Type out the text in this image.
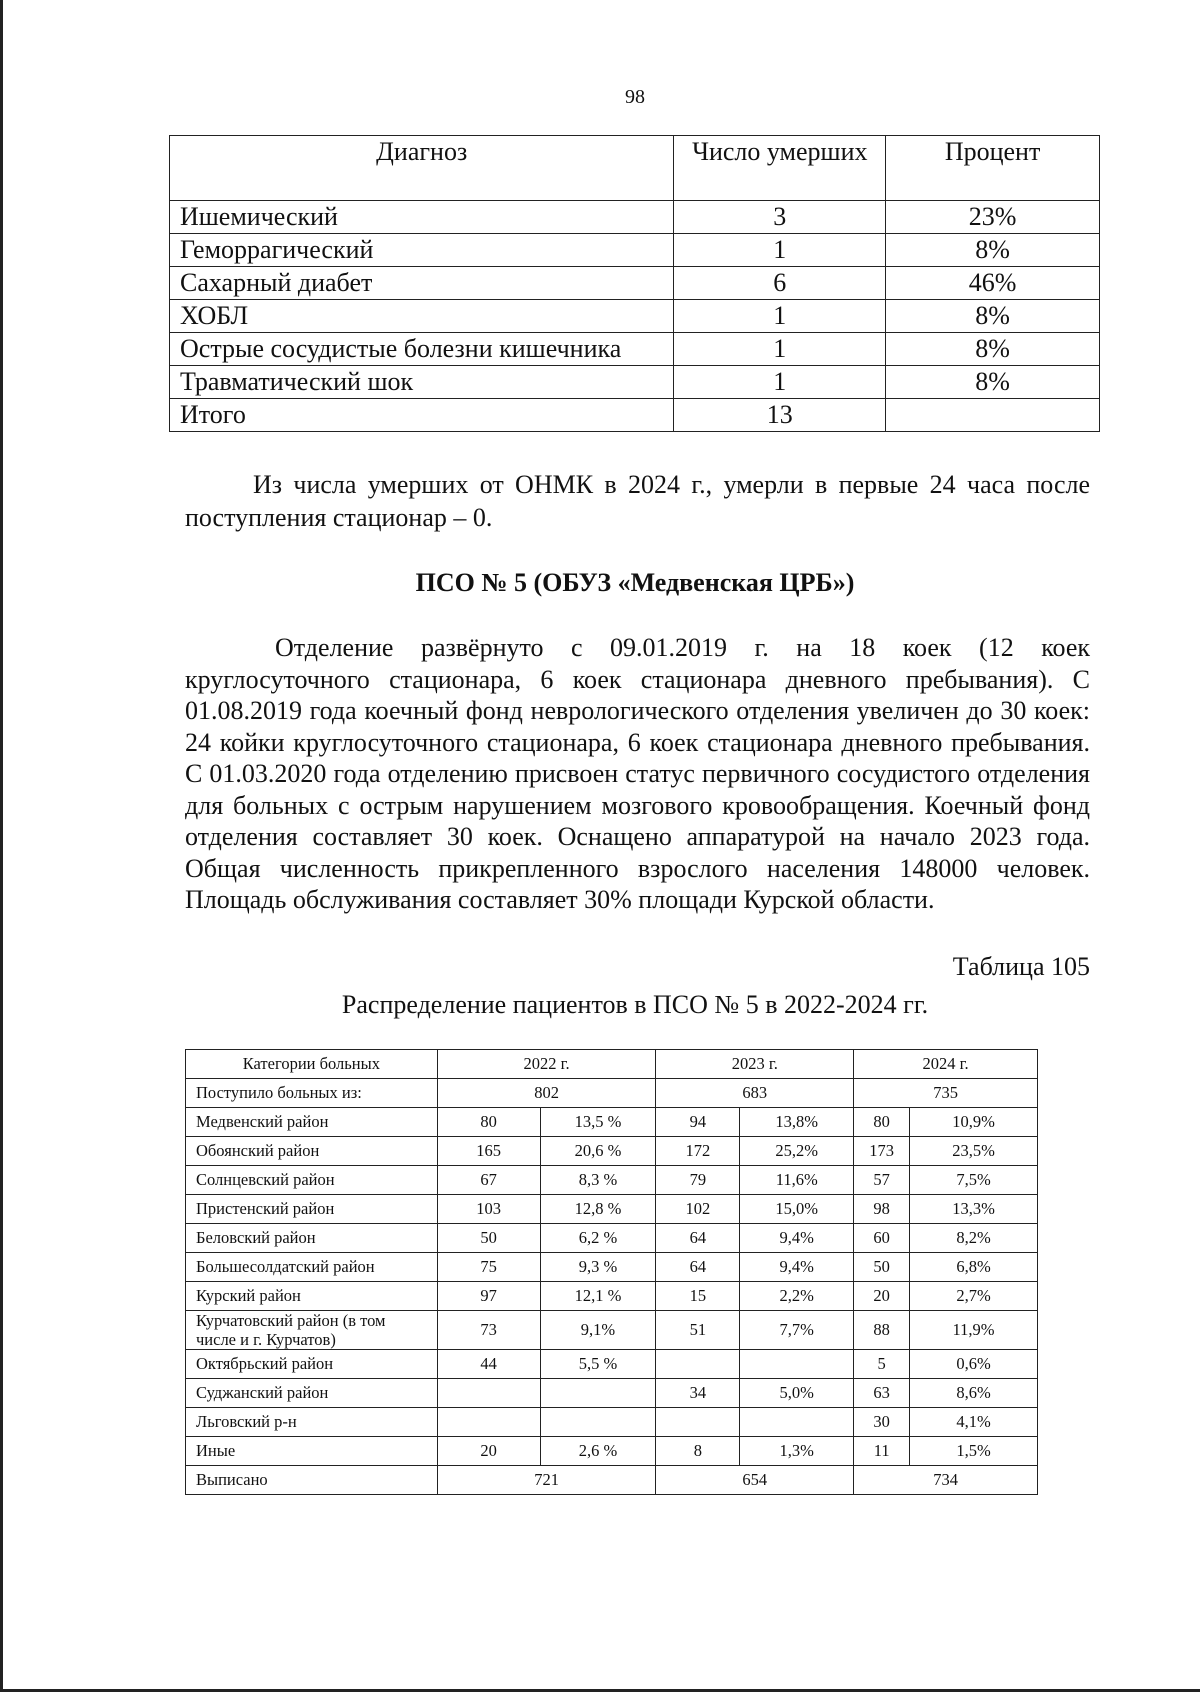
98
Диагноз	Число умерших	Процент
Ишемический	3	23%
Геморрагический	1	8%
Сахарный диабет	6	46%
ХОБЛ	1	8%
Острые сосудистые болезни кишечника	1	8%
Травматический шок	1	8%
Итого	13	

Из числа умерших от ОНМК в 2024 г., умерли в первые 24 часа после поступления стационар – 0.

ПСО № 5 (ОБУЗ «Медвенская ЦРБ»)

Отделение развёрнуто с 09.01.2019 г. на 18 коек (12 коек круглосуточного стационара, 6 коек стационара дневного пребывания). С 01.08.2019 года коечный фонд неврологического отделения увеличен до 30 коек: 24 койки круглосуточного стационара, 6 коек стационара дневного пребывания. С 01.03.2020 года отделению присвоен статус первичного сосудистого отделения для больных с острым нарушением мозгового кровообращения. Коечный фонд отделения составляет 30 коек. Оснащено аппаратурой на начало 2023 года. Общая численность прикрепленного взрослого населения 148000 человек. Площадь обслуживания составляет 30% площади Курской области.

Таблица 105
Распределение пациентов в ПСО № 5 в 2022-2024 гг.
Категории больных	2022 г.		2023 г.		2024 г.	
Поступило больных из:	802		683		735	
Медвенский район	80	13,5 %	94	13,8%	80	10,9%
Обоянский район	165	20,6 %	172	25,2%	173	23,5%
Солнцевский район	67	8,3 %	79	11,6%	57	7,5%
Пристенский район	103	12,8 %	102	15,0%	98	13,3%
Беловский район	50	6,2 %	64	9,4%	60	8,2%
Большесолдатский район	75	9,3 %	64	9,4%	50	6,8%
Курский район	97	12,1 %	15	2,2%	20	2,7%
Курчатовский район (в том числе и г. Курчатов)	73	9,1%	51	7,7%	88	11,9%
Октябрьский район	44	5,5 %			5	0,6%
Суджанский район			34	5,0%	63	8,6%
Льговский р-н					30	4,1%
Иные	20	2,6 %	8	1,3%	11	1,5%
Выписано	721		654		734	
